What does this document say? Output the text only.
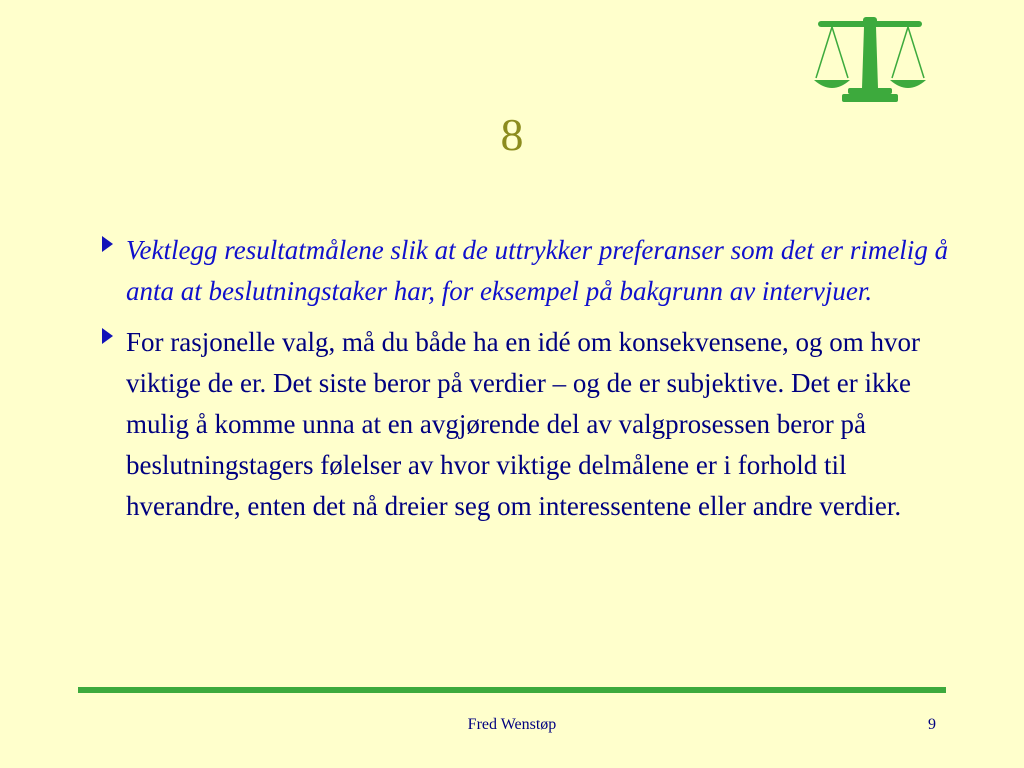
8
Vektlegg resultatmålene slik at de uttrykker preferanser som det er rimelig å anta at beslutningstaker har, for eksempel på bakgrunn av intervjuer.
For rasjonelle valg, må du både ha en idé om konsekvensene, og om hvor viktige de er. Det siste beror på verdier – og de er subjektive. Det er ikke mulig å komme unna at en avgjørende del av valgprosessen beror på beslutningstagers følelser av hvor viktige delmålene er i forhold til hverandre, enten det nå dreier seg om interessentene eller andre verdier.
Fred Wenstøp	9
